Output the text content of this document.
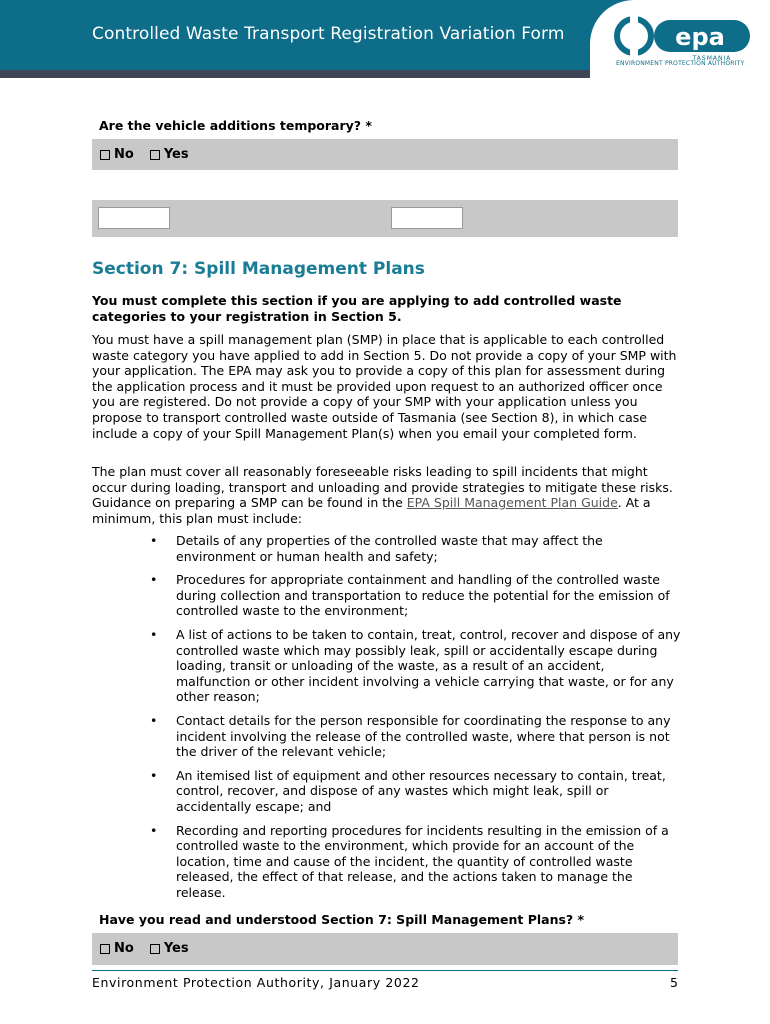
Controlled Waste Transport Registration Variation Form	epa
TASMANIA
ENVIRONMENT PROTECTION AUTHORITY
Are the vehicle additions temporary? *
No Yes
Section 7: Spill Management Plans
You must complete this section if you are applying to add controlled waste categories to your registration in Section 5.
You must have a spill management plan (SMP) in place that is applicable to each controlled waste category you have applied to add in Section 5. Do not provide a copy of your SMP with your application. The EPA may ask you to provide a copy of this plan for assessment during the application process and it must be provided upon request to an authorized officer once you are registered. Do not provide a copy of your SMP with your application unless you propose to transport controlled waste outside of Tasmania (see Section 8), in which case include a copy of your Spill Management Plan(s) when you email your completed form.
The plan must cover all reasonably foreseeable risks leading to spill incidents that might occur during loading, transport and unloading and provide strategies to mitigate these risks. Guidance on preparing a SMP can be found in the EPA Spill Management Plan Guide. At a minimum, this plan must include:
• Details of any properties of the controlled waste that may affect the environment or human health and safety;
• Procedures for appropriate containment and handling of the controlled waste during collection and transportation to reduce the potential for the emission of controlled waste to the environment;
• A list of actions to be taken to contain, treat, control, recover and dispose of any controlled waste which may possibly leak, spill or accidentally escape during loading, transit or unloading of the waste, as a result of an accident, malfunction or other incident involving a vehicle carrying that waste, or for any other reason;
• Contact details for the person responsible for coordinating the response to any incident involving the release of the controlled waste, where that person is not the driver of the relevant vehicle;
• An itemised list of equipment and other resources necessary to contain, treat, control, recover, and dispose of any wastes which might leak, spill or accidentally escape; and
• Recording and reporting procedures for incidents resulting in the emission of a controlled waste to the environment, which provide for an account of the location, time and cause of the incident, the quantity of controlled waste released, the effect of that release, and the actions taken to manage the release.
Have you read and understood Section 7: Spill Management Plans? *
No Yes
Environment Protection Authority, January 2022	5
